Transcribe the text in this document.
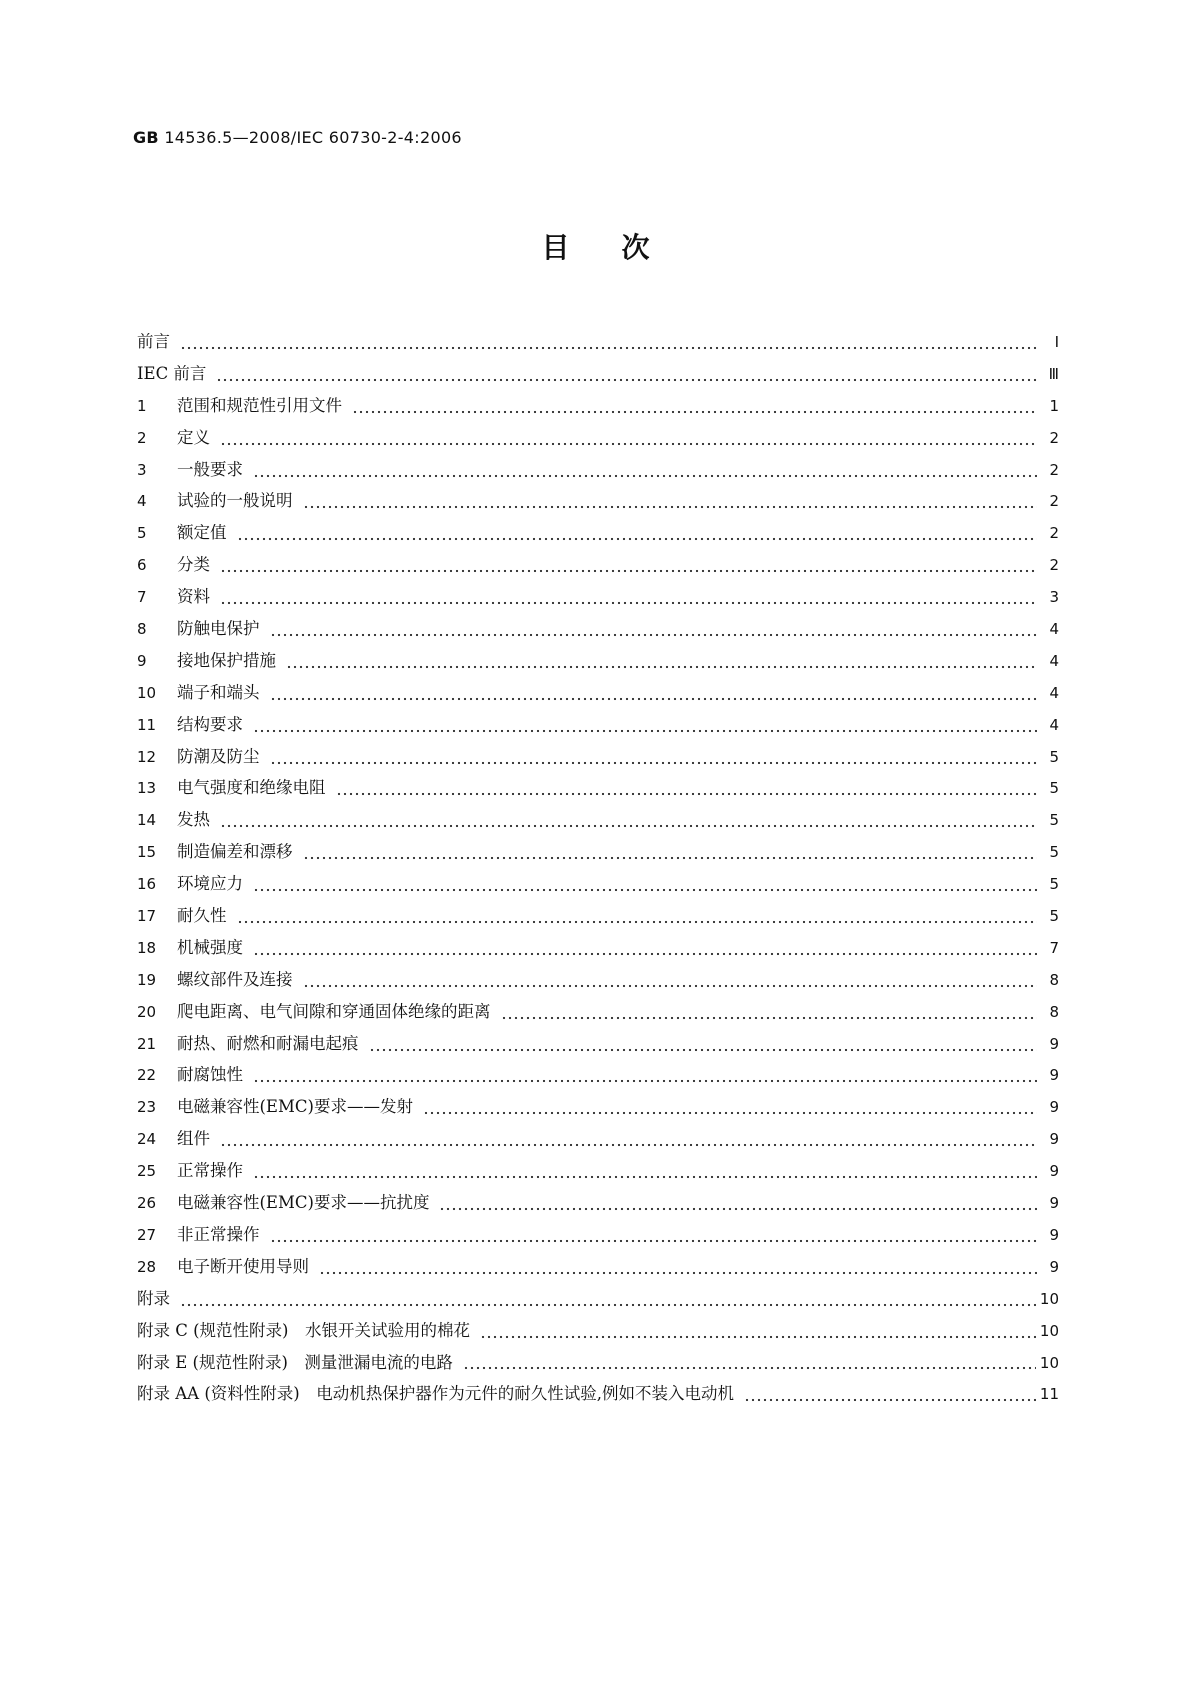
GB 14536.5—2008/IEC 60730-2-4:2006
目次
前言	Ⅰ
IEC 前言	Ⅲ
1	范围和规范性引用文件	1
2	定义	2
3	一般要求	2
4	试验的一般说明	2
5	额定值	2
6	分类	2
7	资料	3
8	防触电保护	4
9	接地保护措施	4
10	端子和端头	4
11	结构要求	4
12	防潮及防尘	5
13	电气强度和绝缘电阻	5
14	发热	5
15	制造偏差和漂移	5
16	环境应力	5
17	耐久性	5
18	机械强度	7
19	螺纹部件及连接	8
20	爬电距离、电气间隙和穿通固体绝缘的距离	8
21	耐热、耐燃和耐漏电起痕	9
22	耐腐蚀性	9
23	电磁兼容性(EMC)要求——发射	9
24	组件	9
25	正常操作	9
26	电磁兼容性(EMC)要求——抗扰度	9
27	非正常操作	9
28	电子断开使用导则	9
附录	10
附录 C (规范性附录)　水银开关试验用的棉花	10
附录 E (规范性附录)　测量泄漏电流的电路	10
附录 AA (资料性附录)　电动机热保护器作为元件的耐久性试验,例如不装入电动机	11
